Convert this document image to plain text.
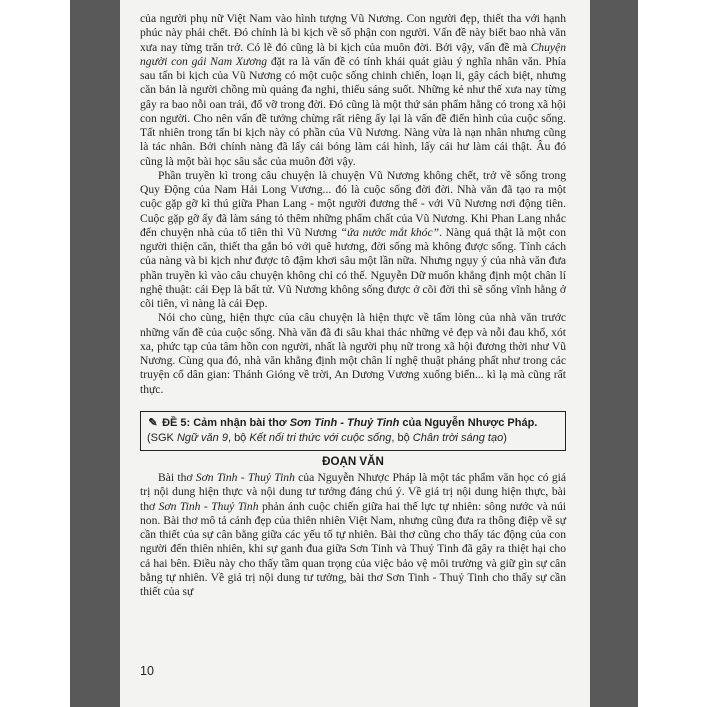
của người phụ nữ Việt Nam vào hình tượng Vũ Nương. Con người đẹp, thiết tha với hạnh phúc này phải chết. Đó chính là bi kịch về số phận con người. Vấn đề này biết bao nhà văn xưa nay từng trăn trở. Có lẽ đó cũng là bi kịch của muôn đời. Bởi vậy, vấn đề mà Chuyện người con gái Nam Xương đặt ra là vấn đề có tính khái quát giàu ý nghĩa nhân văn. Phía sau tấn bi kịch của Vũ Nương có một cuộc sống chinh chiến, loạn li, gây cách biệt, nhưng căn bản là người chồng mù quáng đa nghi, thiếu sáng suốt. Những kẻ như thế xưa nay từng gây ra bao nỗi oan trái, đổ vỡ trong đời. Đó cũng là một thứ sản phẩm hằng có trong xã hội con người. Cho nên vấn đề tưởng chừng rất riêng ấy lại là vấn đề điển hình của cuộc sống. Tất nhiên trong tấn bi kịch này có phần của Vũ Nương. Nàng vừa là nạn nhân nhưng cũng là tác nhân. Bởi chính nàng đã lấy cái bóng làm cái hình, lấy cái hư làm cái thật. Âu đó cũng là một bài học sâu sắc của muôn đời vậy.

Phần truyền kì trong câu chuyện là chuyện Vũ Nương không chết, trở về sống trong Quy Động của Nam Hải Long Vương... đó là cuộc sống đời đời. Nhà văn đã tạo ra một cuộc gặp gỡ kì thú giữa Phan Lang - một người đương thế - với Vũ Nương nơi động tiên. Cuộc gặp gỡ ấy đã làm sáng tỏ thêm những phẩm chất của Vũ Nương. Khi Phan Lang nhắc đến chuyện nhà của tổ tiên thì Vũ Nương “ứa nước mắt khóc”. Nàng quả thật là một con người thiện căn, thiết tha gắn bó với quê hương, đời sống mà không được sống. Tính cách của nàng và bi kịch như được tô đậm khơi sâu một lần nữa. Nhưng ngụy ý của nhà văn đưa phần truyền kì vào câu chuyện không chỉ có thế. Nguyễn Dữ muốn khẳng định một chân lí nghệ thuật: cái Đẹp là bất tử. Vũ Nương không sống được ở cõi đời thì sẽ sống vĩnh hằng ở cõi tiên, vì nàng là cái Đẹp.

Nói cho cùng, hiện thực của câu chuyện là hiện thực về tấm lòng của nhà văn trước những vấn đề của cuộc sống. Nhà văn đã đi sâu khai thác những vẻ đẹp và nỗi đau khổ, xót xa, phức tạp của tâm hồn con người, nhất là người phụ nữ trong xã hội đương thời như Vũ Nương. Cùng qua đó, nhà văn khẳng định một chân lí nghệ thuật phảng phất như trong các truyện cổ dân gian: Thánh Gióng về trời, An Dương Vương xuống biển... kì lạ mà cũng rất thực.

✎ ĐỀ 5: Cảm nhận bài thơ Sơn Tinh - Thuỷ Tinh của Nguyễn Nhược Pháp.
(SGK Ngữ văn 9, bộ Kết nối tri thức với cuộc sống, bộ Chân trời sáng tạo)
ĐOẠN VĂN

Bài thơ Sơn Tinh - Thuỷ Tinh của Nguyễn Nhược Pháp là một tác phẩm văn học có giá trị nội dung hiện thực và nội dung tư tưởng đáng chú ý. Về giá trị nội dung hiện thực, bài thơ Sơn Tinh - Thuỷ Tinh phản ánh cuộc chiến giữa hai thế lực tự nhiên: sông nước và núi non. Bài thơ mô tả cảnh đẹp của thiên nhiên Việt Nam, nhưng cũng đưa ra thông điệp về sự cần thiết của sự cân bằng giữa các yếu tố tự nhiên. Bài thơ cũng cho thấy tác động của con người đến thiên nhiên, khi sự ganh đua giữa Sơn Tinh và Thuỷ Tinh đã gây ra thiệt hại cho cả hai bên. Điều này cho thấy tầm quan trọng của việc bảo vệ môi trường và giữ gìn sự cân bằng tự nhiên. Về giá trị nội dung tư tưởng, bài thơ Sơn Tinh - Thuỷ Tinh cho thấy sự cần thiết của sự

10
